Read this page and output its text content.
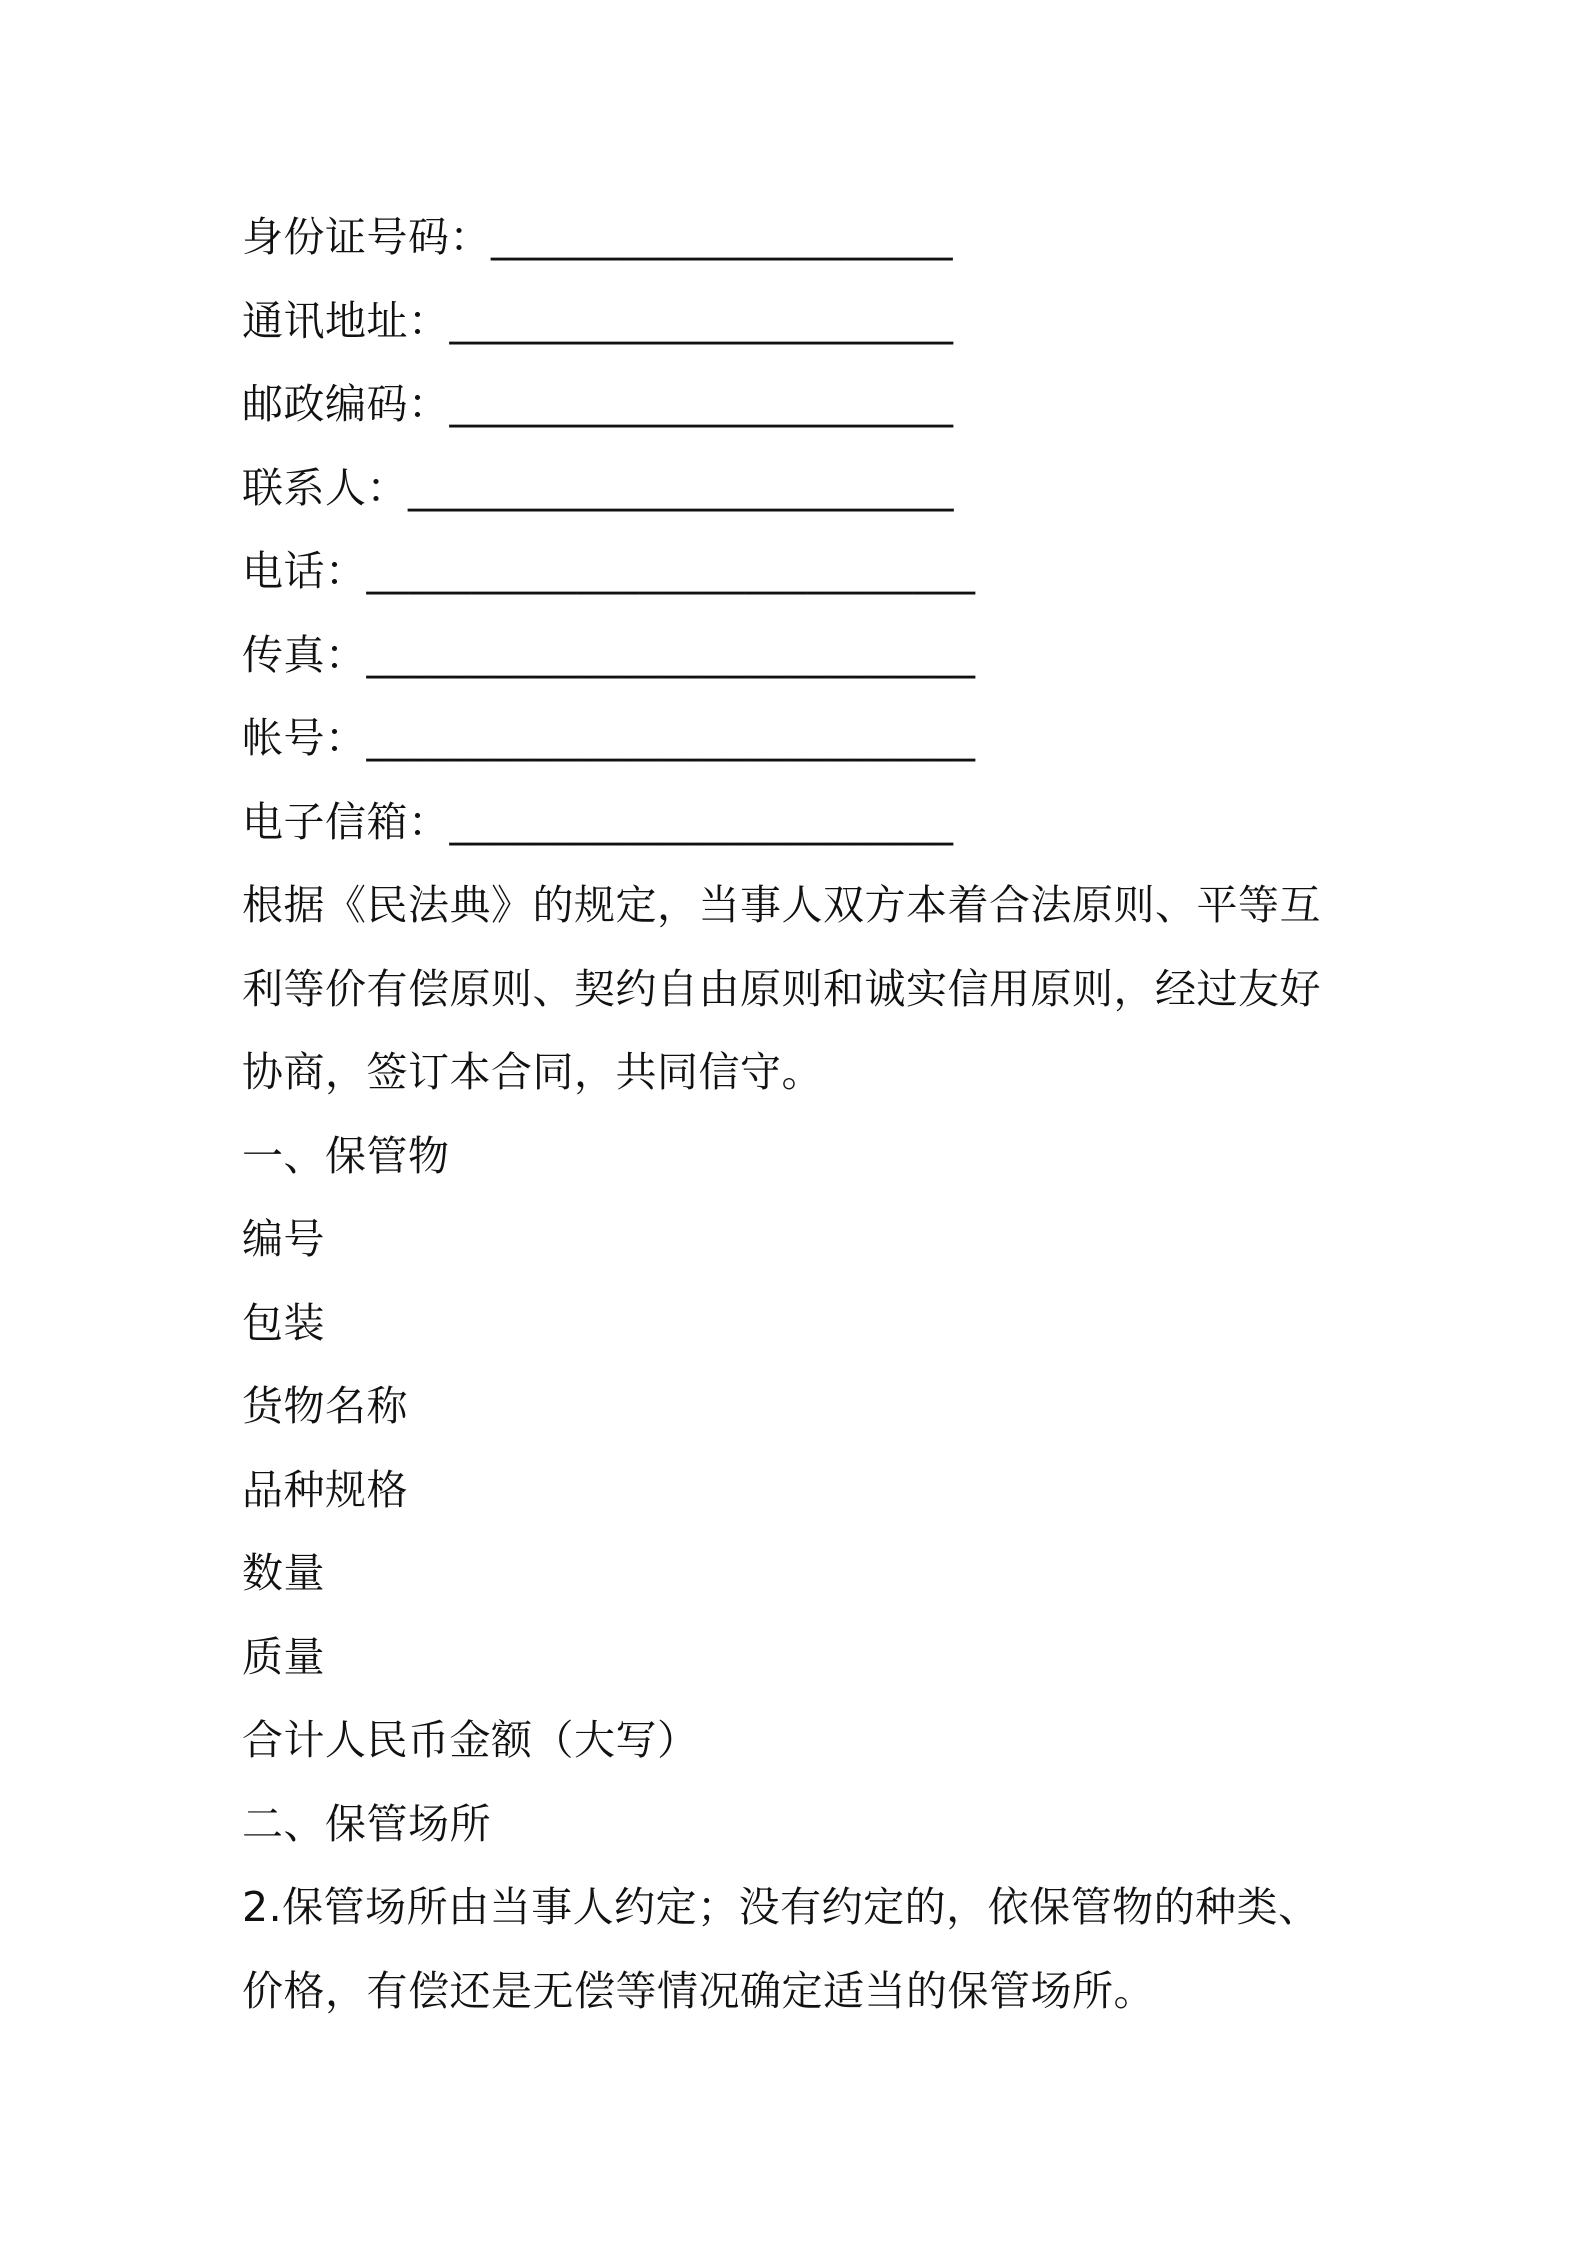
身份证号码：______________________
通讯地址：________________________
邮政编码：________________________
联系人：__________________________
电话：_____________________________
传真：_____________________________
帐号：_____________________________
电子信箱：________________________
根据《民法典》的规定，当事人双方本着合法原则、平等互
利等价有偿原则、契约自由原则和诚实信用原则，经过友好
协商，签订本合同，共同信守。
一、保管物
编号
包装
货物名称
品种规格
数量
质量
合计人民币金额（大写）
二、保管场所
2.保管场所由当事人约定；没有约定的，依保管物的种类、
价格，有偿还是无偿等情况确定适当的保管场所。
